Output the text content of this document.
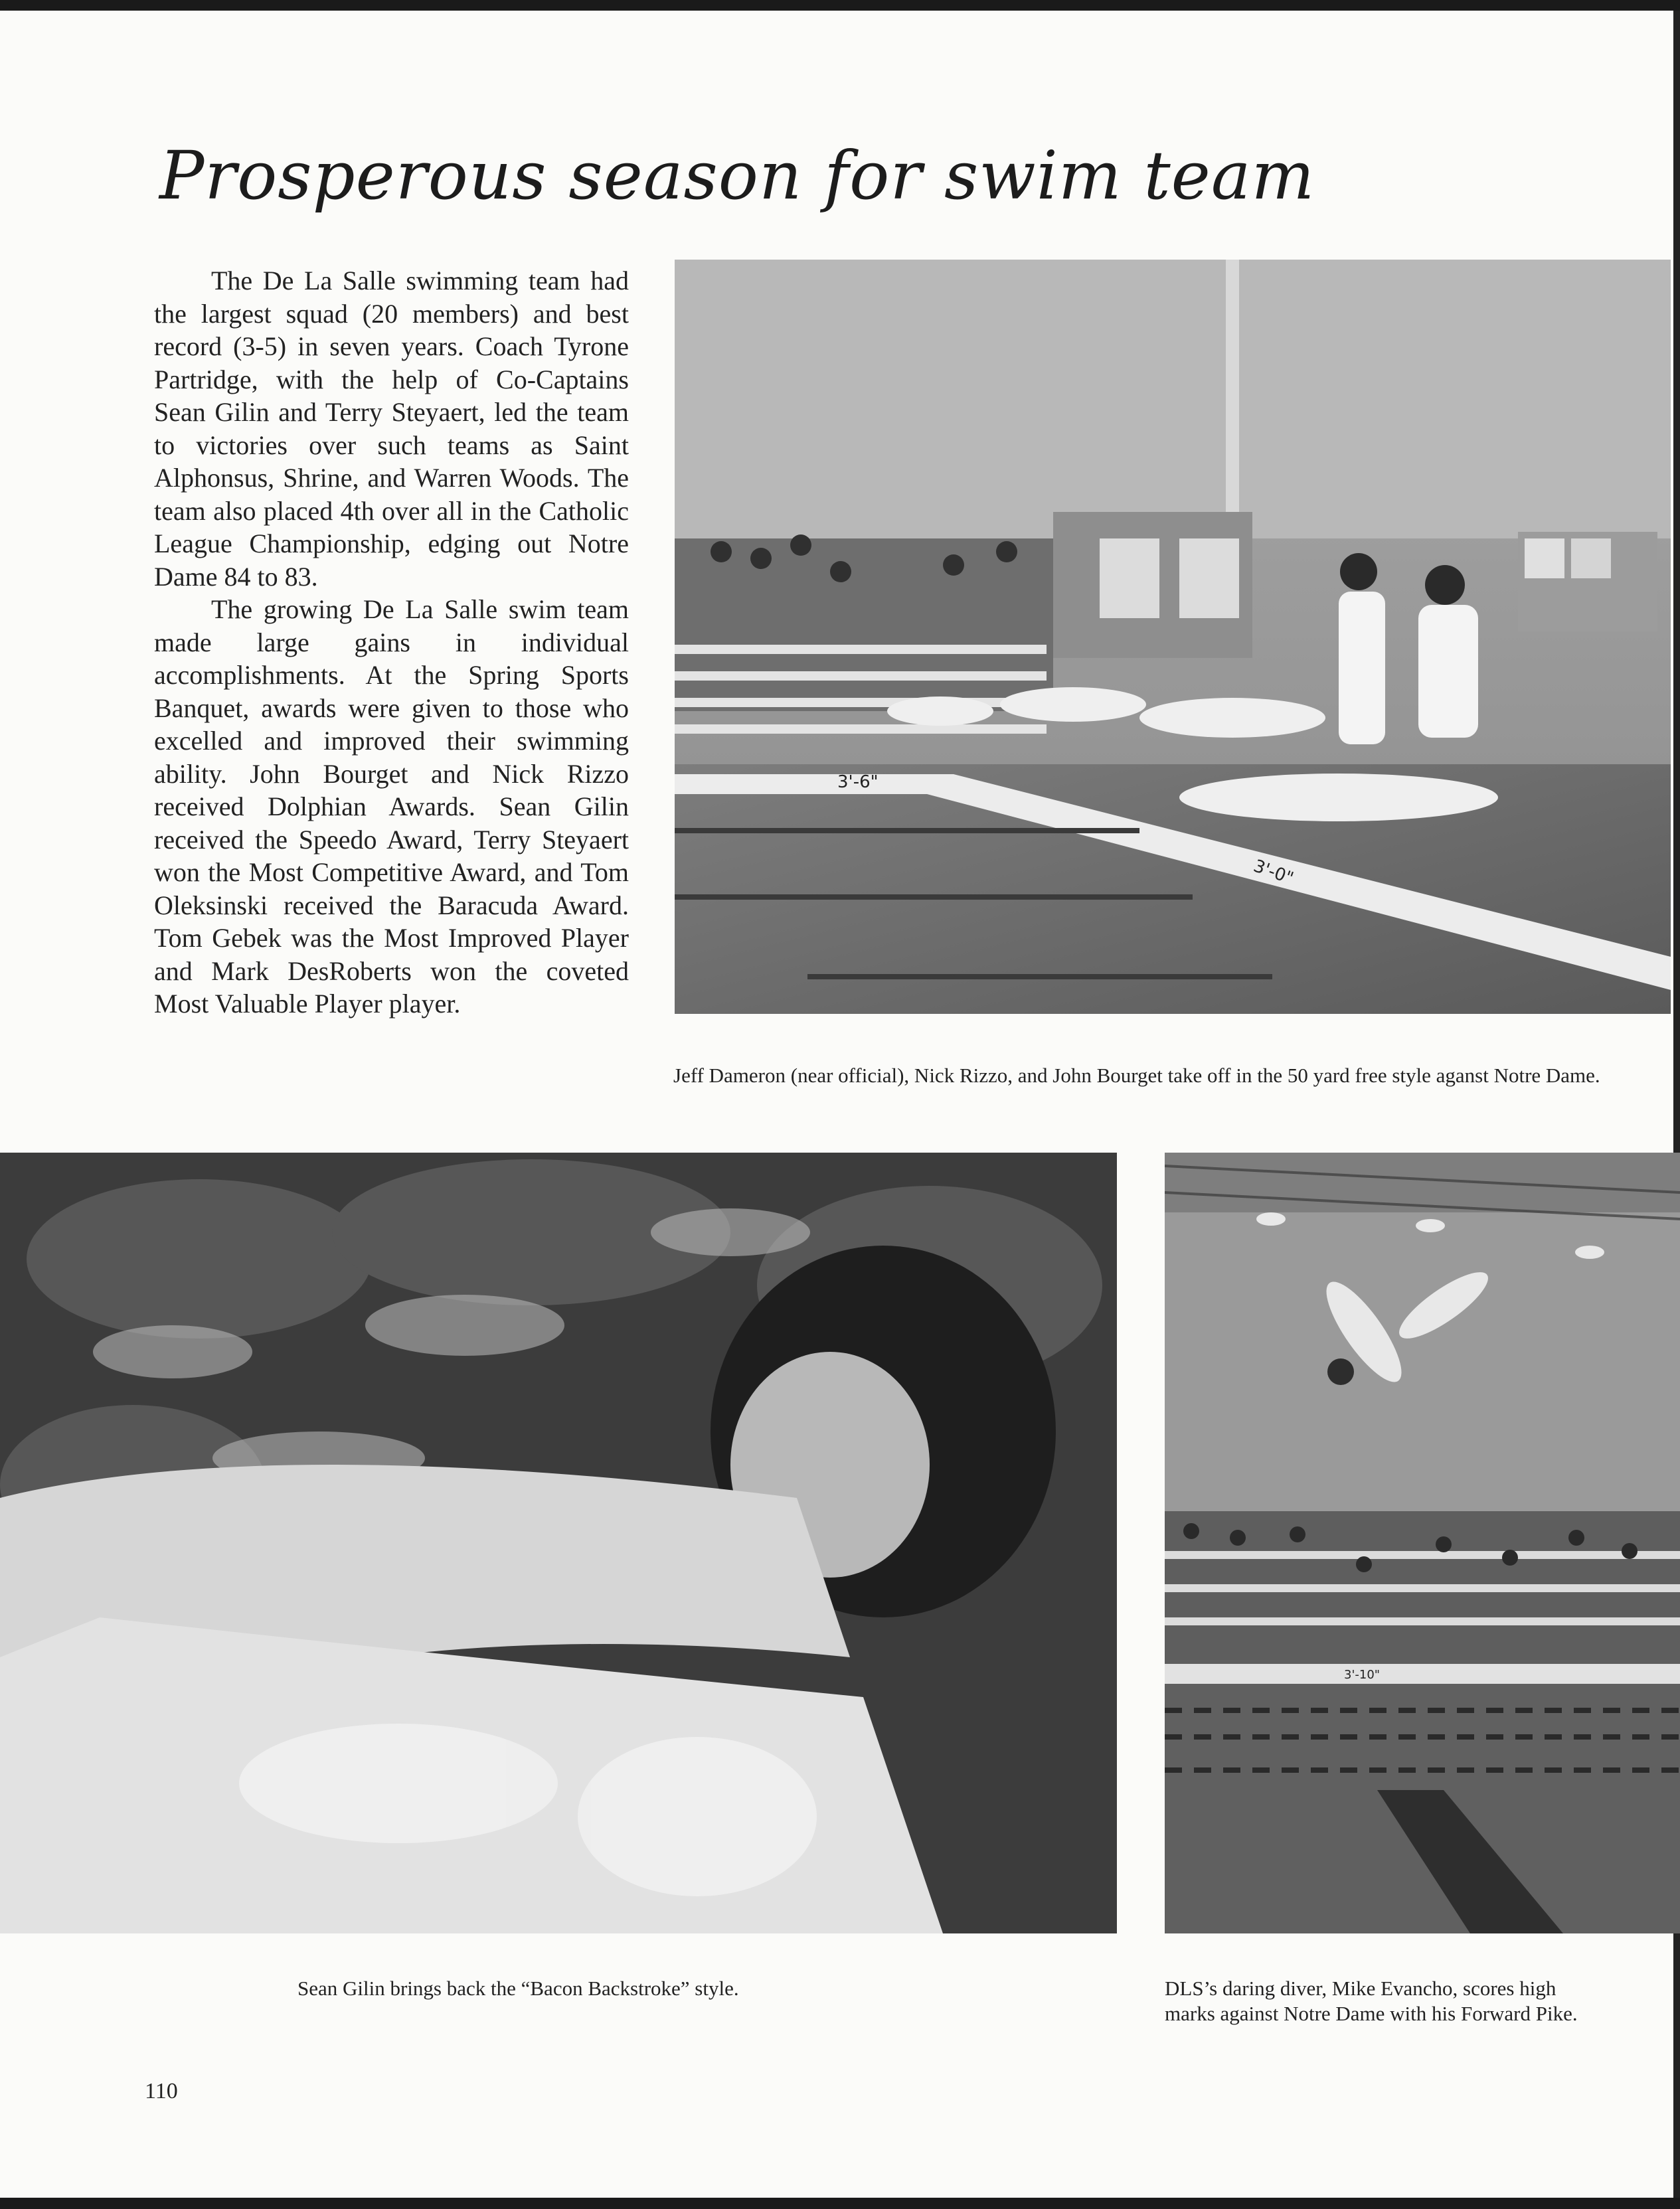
Prosperous season for swim team

The De La Salle swimming team had the largest squad (20 members) and best record (3-5) in seven years. Coach Tyrone Partridge, with the help of Co-Captains Sean Gilin and Terry Steyaert, led the team to victories over such teams as Saint Alphonsus, Shrine, and Warren Woods. The team also placed 4th over all in the Catholic League Championship, edging out Notre Dame 84 to 83.

The growing De La Salle swim team made large gains in individual accomplishments. At the Spring Sports Banquet, awards were given to those who excelled and improved their swimming ability. John Bourget and Nick Rizzo received Dolphian Awards. Sean Gilin received the Speedo Award, Terry Steyaert won the Most Competitive Award, and Tom Oleksinski received the Baracuda Award. Tom Gebek was the Most Improved Player and Mark DesRoberts won the coveted Most Valuable Player player.

3'-6"
3'-0"
Jeff Dameron (near official), Nick Rizzo, and John Bourget take off in the 50 yard free style aganst Notre Dame.
Sean Gilin brings back the “Bacon Backstroke” style.
3'-10"
DLS’s daring diver, Mike Evancho, scores high marks against Notre Dame with his Forward Pike.
110
